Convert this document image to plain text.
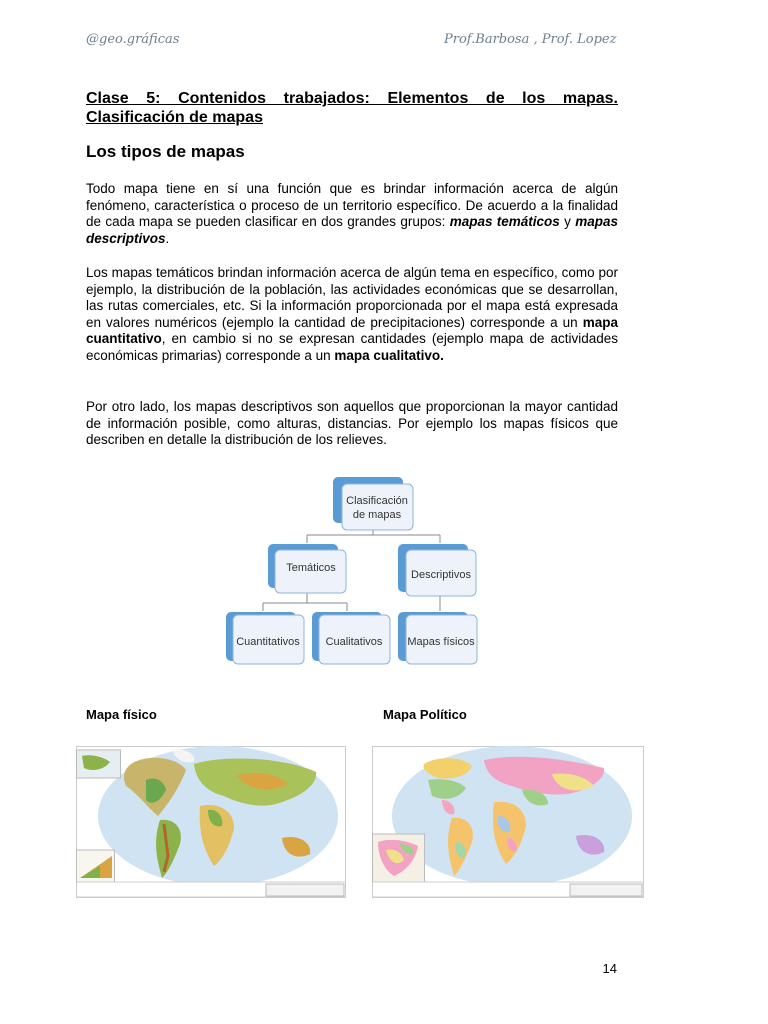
@geo.gráficas	Prof.Barbosa , Prof. Lopez
Clase 5: Contenidos trabajados: Elementos de los mapas. Clasificación de mapas
Los tipos de mapas

Todo mapa tiene en sí una función que es brindar información acerca de algún fenómeno, característica o proceso de un territorio específico. De acuerdo a la finalidad de cada mapa se pueden clasificar en dos grandes grupos: mapas temáticos y mapas descriptivos.

Los mapas temáticos brindan información acerca de algún tema en específico, como por ejemplo, la distribución de la población, las actividades económicas que se desarrollan, las rutas comerciales, etc. Si la información proporcionada por el mapa está expresada en valores numéricos (ejemplo la cantidad de precipitaciones) corresponde a un mapa cuantitativo, en cambio si no se expresan cantidades (ejemplo mapa de actividades económicas primarias) corresponde a un mapa cualitativo.

Por otro lado, los mapas descriptivos son aquellos que proporcionan la mayor cantidad de información posible, como alturas, distancias. Por ejemplo los mapas físicos que describen en detalle la distribución de los relieves.

Clasificación
de mapas
Temáticos
Descriptivos
Cuantitativos Cualitativos Mapas físicos
Mapa físico	Mapa Político
14
